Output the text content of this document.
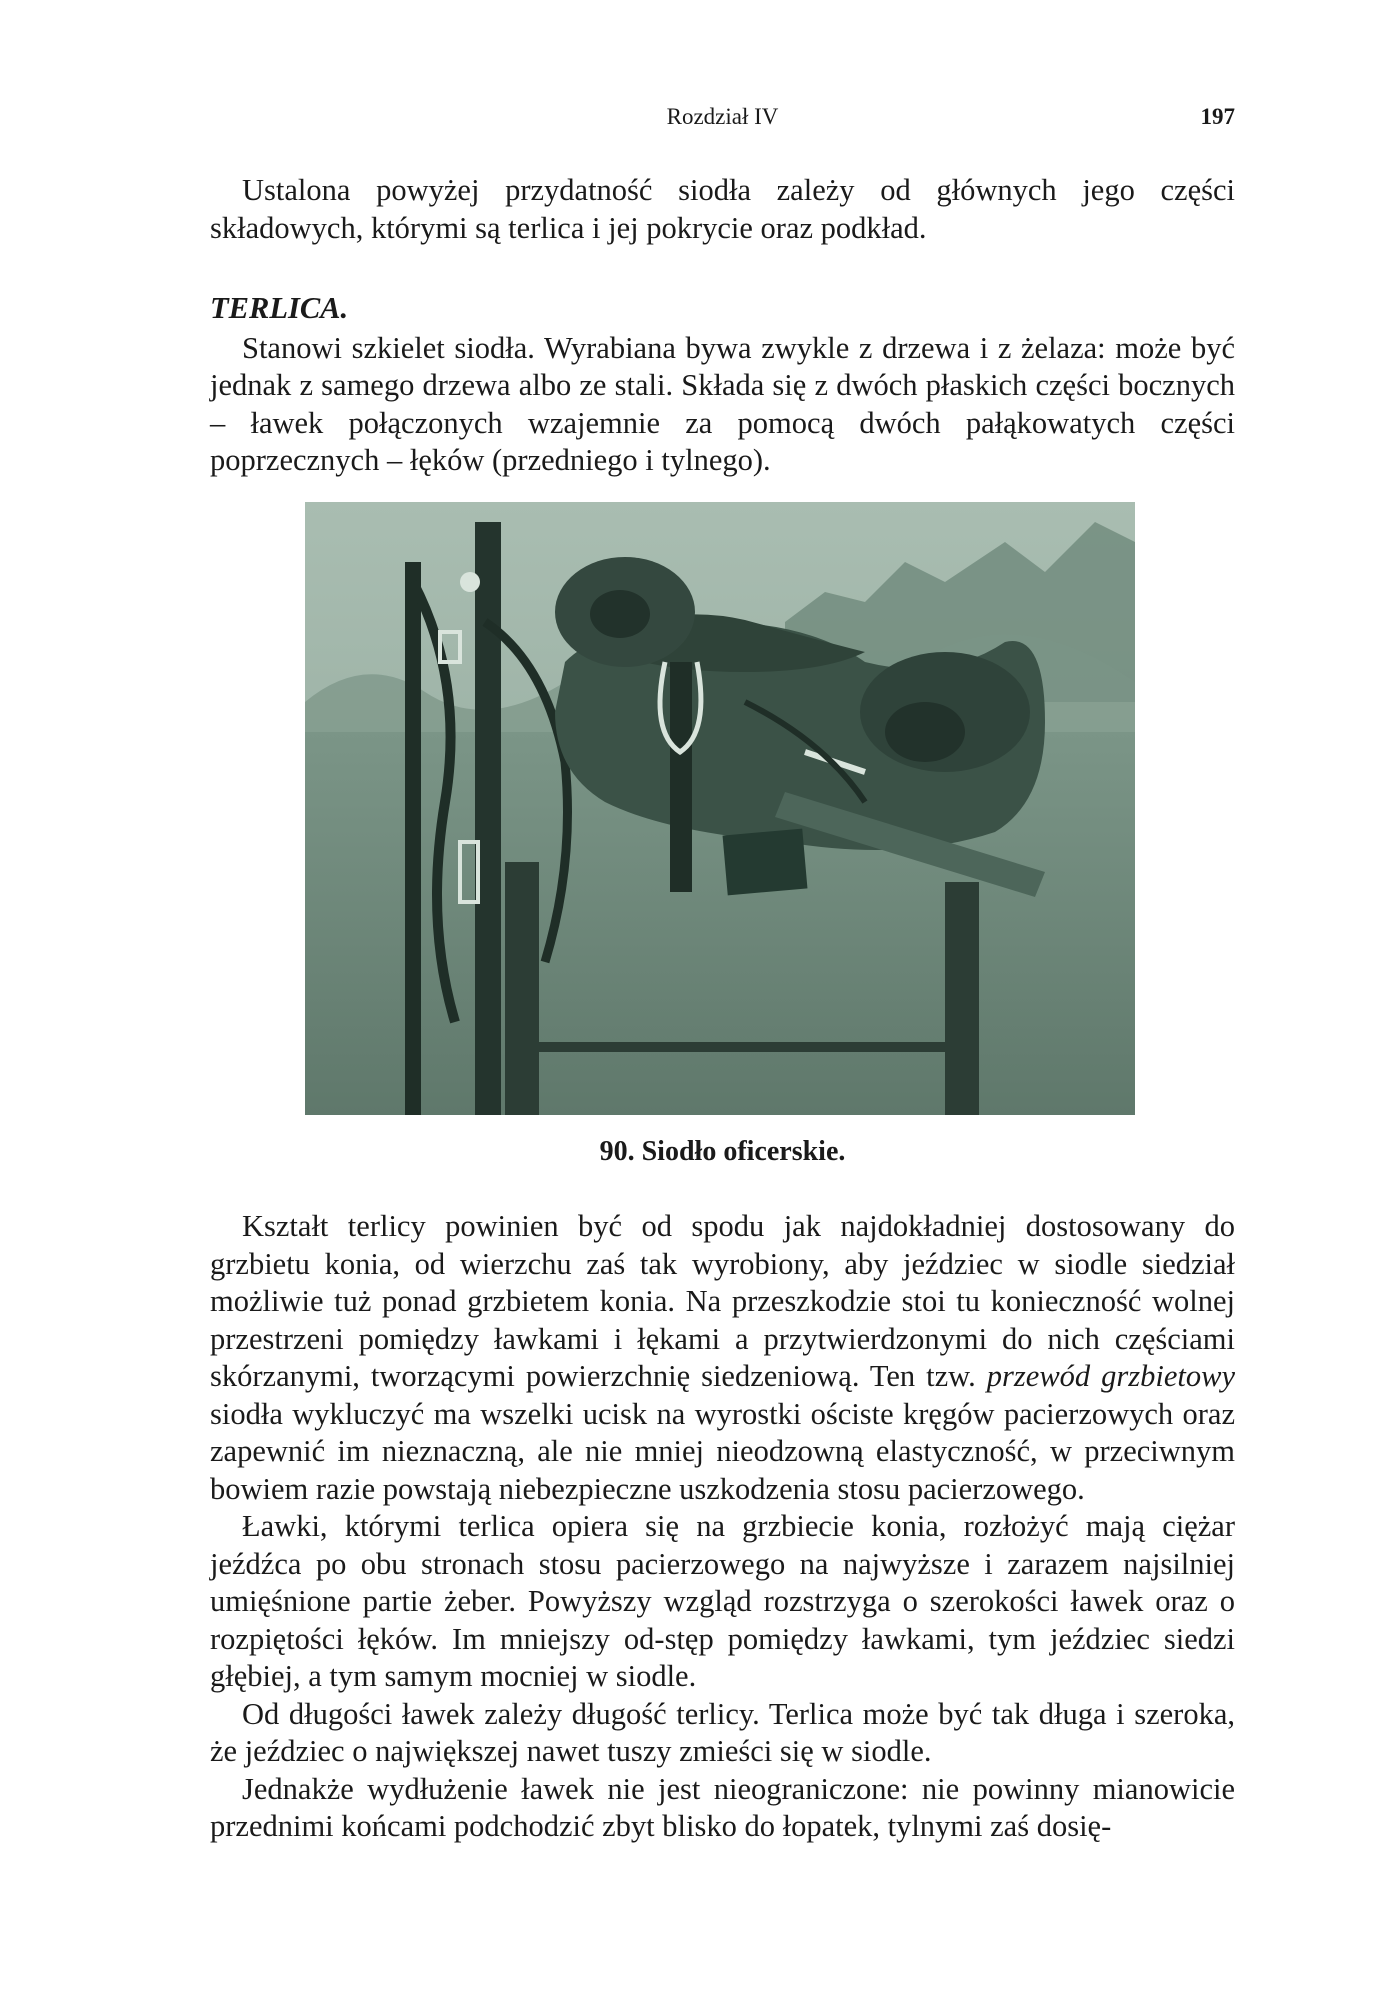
Rozdział IV	197

Ustalona powyżej przydatność siodła zależy od głównych jego części składowych, którymi są terlica i jej pokrycie oraz podkład.

TERLICA.

Stanowi szkielet siodła. Wyrabiana bywa zwykle z drzewa i z żelaza: może być jednak z samego drzewa albo ze stali. Składa się z dwóch płaskich części bocznych – ławek połączonych wzajemnie za pomocą dwóch pałąkowatych części poprzecznych – łęków (przedniego i tylnego).

90. Siodło oficerskie.

Kształt terlicy powinien być od spodu jak najdokładniej dostosowany do grzbietu konia, od wierzchu zaś tak wyrobiony, aby jeździec w siodle siedział możliwie tuż ponad grzbietem konia. Na przeszkodzie stoi tu konieczność wolnej przestrzeni pomiędzy ławkami i łękami a przytwierdzonymi do nich częściami skórzanymi, tworzącymi powierzchnię siedzeniową. Ten tzw. przewód grzbietowy siodła wykluczyć ma wszelki ucisk na wyrostki ościste kręgów pacierzowych oraz zapewnić im nieznaczną, ale nie mniej nieodzowną elastyczność, w przeciwnym bowiem razie powstają niebezpieczne uszkodzenia stosu pacierzowego.

Ławki, którymi terlica opiera się na grzbiecie konia, rozłożyć mają ciężar jeźdźca po obu stronach stosu pacierzowego na najwyższe i zarazem najsilniej umięśnione partie żeber. Powyższy wzgląd rozstrzyga o szerokości ławek oraz o rozpiętości łęków. Im mniejszy od-stęp pomiędzy ławkami, tym jeździec siedzi głębiej, a tym samym mocniej w siodle.

Od długości ławek zależy długość terlicy. Terlica może być tak długa i szeroka, że jeździec o największej nawet tuszy zmieści się w siodle.

Jednakże wydłużenie ławek nie jest nieograniczone: nie powinny mianowicie przednimi końcami podchodzić zbyt blisko do łopatek, tylnymi zaś dosię-
